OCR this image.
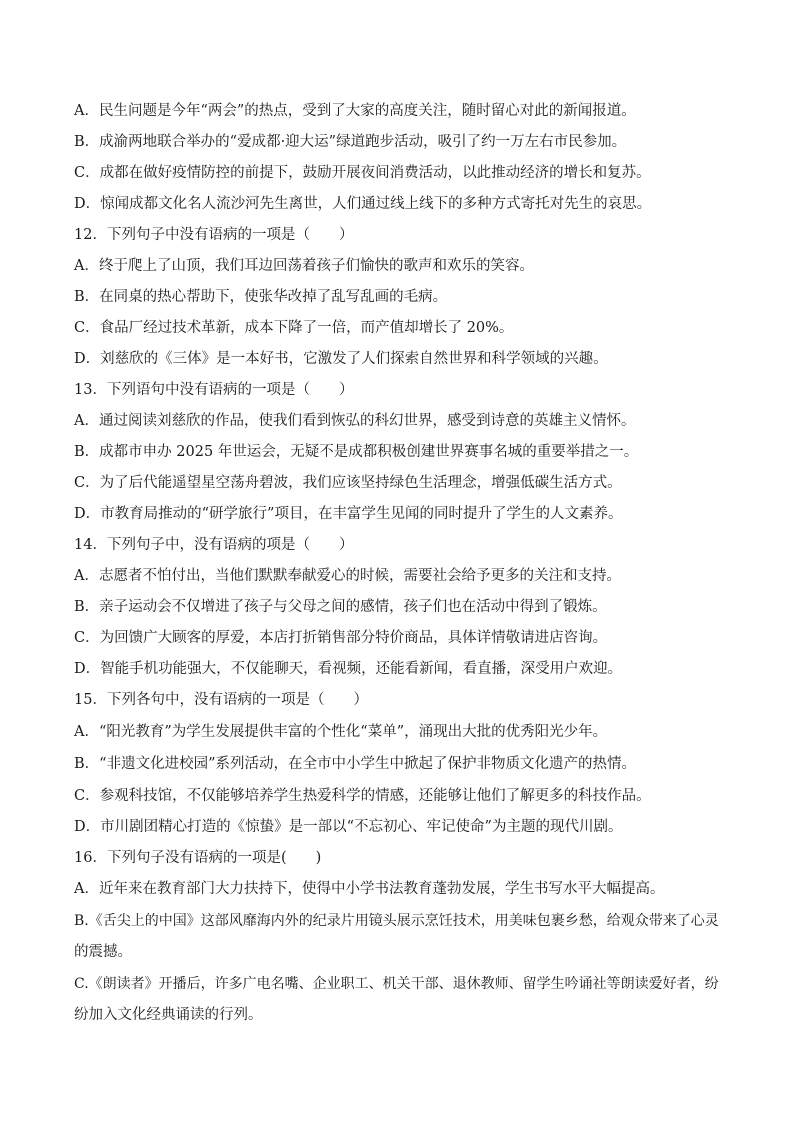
A．民生问题是今年“两会”的热点，受到了大家的高度关注，随时留心对此的新闻报道。
B．成渝两地联合举办的“爱成都·迎大运”绿道跑步活动，吸引了约一万左右市民参加。
C．成都在做好疫情防控的前提下，鼓励开展夜间消费活动，以此推动经济的增长和复苏。
D．惊闻成都文化名人流沙河先生离世，人们通过线上线下的多种方式寄托对先生的哀思。
12．下列句子中没有语病的一项是（　　）
A．终于爬上了山顶，我们耳边回荡着孩子们愉快的歌声和欢乐的笑容。
B．在同桌的热心帮助下，使张华改掉了乱写乱画的毛病。
C．食品厂经过技术革新，成本下降了一倍，而产值却增长了 20%。
D．刘慈欣的《三体》是一本好书，它激发了人们探索自然世界和科学领域的兴趣。
13．下列语句中没有语病的一项是（　　）
A．通过阅读刘慈欣的作品，使我们看到恢弘的科幻世界，感受到诗意的英雄主义情怀。
B．成都市申办 2025 年世运会，无疑不是成都积极创建世界赛事名城的重要举措之一。
C．为了后代能遥望星空荡舟碧波，我们应该坚持绿色生活理念，增强低碳生活方式。
D．市教育局推动的“研学旅行”项目，在丰富学生见闻的同时提升了学生的人文素养。
14．下列句子中，没有语病的项是（　　）
A．志愿者不怕付出，当他们默默奉献爱心的时候，需要社会给予更多的关注和支持。
B．亲子运动会不仅增进了孩子与父母之间的感情，孩子们也在活动中得到了锻炼。
C．为回馈广大顾客的厚爱，本店打折销售部分特价商品，具体详情敬请进店咨询。
D．智能手机功能强大，不仅能聊天，看视频，还能看新闻，看直播，深受用户欢迎。
15．下列各句中，没有语病的一项是（　　）
A．“阳光教育”为学生发展提供丰富的个性化“菜单”，涌现出大批的优秀阳光少年。
B．“非遗文化进校园”系列活动，在全市中小学生中掀起了保护非物质文化遗产的热情。
C．参观科技馆，不仅能够培养学生热爱科学的情感，还能够让他们了解更多的科技作品。
D．市川剧团精心打造的《惊蛰》是一部以“不忘初心、牢记使命”为主题的现代川剧。
16．下列句子没有语病的一项是(　　)
A．近年来在教育部门大力扶持下，使得中小学书法教育蓬勃发展，学生书写水平大幅提高。
B.《舌尖上的中国》这部风靡海内外的纪录片用镜头展示烹饪技术，用美味包裹乡愁，给观众带来了心灵
的震撼。
C.《朗读者》开播后，许多广电名嘴、企业职工、机关干部、退休教师、留学生吟诵社等朗读爱好者，纷
纷加入文化经典诵读的行列。
